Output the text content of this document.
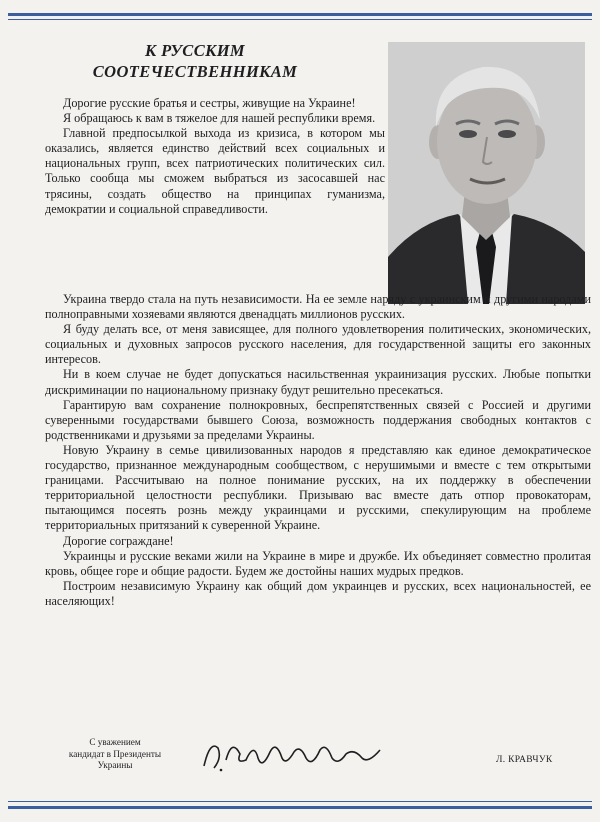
К РУССКИМ
СООТЕЧЕСТВЕННИКАМ

Дорогие русские братья и сестры, живущие на Украине!

Я обращаюсь к вам в тяжелое для нашей республики время.

Главной предпосылкой выхода из кризиса, в котором мы оказались, является единство действий всех социальных и национальных групп, всех патриотических политических сил. Только сообща мы сможем выбраться из засосавшей нас трясины, создать общество на принципах гуманизма, демократии и социальной справедливости.

Украина твердо стала на путь независимости. На ее земле наряду с украинским и другими народами полноправными хозяевами являются двенадцать миллионов русских.

Я буду делать все, от меня зависящее, для полного удовлетворения политических, экономических, социальных и духовных запросов русского населения, для государственной защиты его законных интересов.

Ни в коем случае не будет допускаться насильственная украинизация русских. Любые попытки дискриминации по национальному признаку будут решительно пресекаться.

Гарантирую вам сохранение полнокровных, беспрепятственных связей с Россией и другими суверенными государствами бывшего Союза, возможность поддержания свободных контактов с родственниками и друзьями за пределами Украины.

Новую Украину в семье цивилизованных народов я представляю как единое демократическое государство, признанное международным сообществом, с нерушимыми и вместе с тем открытыми границами. Рассчитываю на полное понимание русских, на их поддержку в обеспечении территориальной целостности республики. Призываю вас вместе дать отпор провокаторам, пытающимся посеять рознь между украинцами и русскими, спекулирующим на проблеме территориальных притязаний к суверенной Украине.

Дорогие сограждане!

Украинцы и русские веками жили на Украине в мире и дружбе. Их объединяет совместно пролитая кровь, общее горе и общие радости. Будем же достойны наших мудрых предков.

Построим независимую Украину как общий дом украинцев и русских, всех национальностей, ее населяющих!

С уважением
кандидат в Президенты
Украины	Л. КРАВЧУК
